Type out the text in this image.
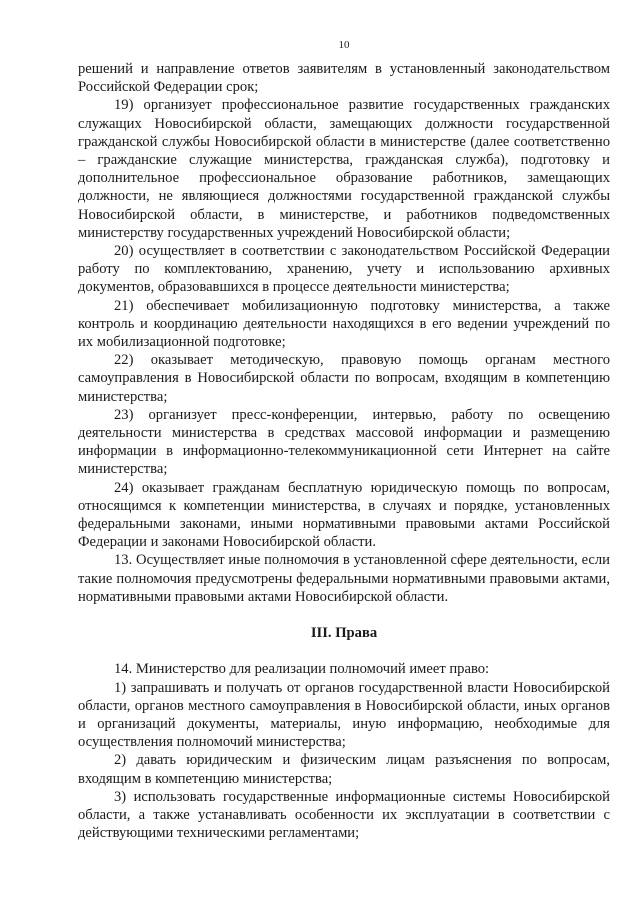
10

решений и направление ответов заявителям в установленный законодательством Российской Федерации срок;

19) организует профессиональное развитие государственных гражданских служащих Новосибирской области, замещающих должности государственной гражданской службы Новосибирской области в министерстве (далее соответственно – гражданские служащие министерства, гражданская служба), подготовку и дополнительное профессиональное образование работников, замещающих должности, не являющиеся должностями государственной гражданской службы Новосибирской области, в министерстве, и работников подведомственных министерству государственных учреждений Новосибирской области;

20) осуществляет в соответствии с законодательством Российской Федерации работу по комплектованию, хранению, учету и использованию архивных документов, образовавшихся в процессе деятельности министерства;

21) обеспечивает мобилизационную подготовку министерства, а также контроль и координацию деятельности находящихся в его ведении учреждений по их мобилизационной подготовке;

22) оказывает методическую, правовую помощь органам местного самоуправления в Новосибирской области по вопросам, входящим в компетенцию министерства;

23) организует пресс-конференции, интервью, работу по освещению деятельности министерства в средствах массовой информации и размещению информации в информационно-телекоммуникационной сети Интернет на сайте министерства;

24) оказывает гражданам бесплатную юридическую помощь по вопросам, относящимся к компетенции министерства, в случаях и порядке, установленных федеральными законами, иными нормативными правовыми актами Российской Федерации и законами Новосибирской области.

13. Осуществляет иные полномочия в установленной сфере деятельности, если такие полномочия предусмотрены федеральными нормативными правовыми актами, нормативными правовыми актами Новосибирской области.

III. Права

14. Министерство для реализации полномочий имеет право:

1) запрашивать и получать от органов государственной власти Новосибирской области, органов местного самоуправления в Новосибирской области, иных органов и организаций документы, материалы, иную информацию, необходимые для осуществления полномочий министерства;

2) давать юридическим и физическим лицам разъяснения по вопросам, входящим в компетенцию министерства;

3) использовать государственные информационные системы Новосибирской области, а также устанавливать особенности их эксплуатации в соответствии с действующими техническими регламентами;
